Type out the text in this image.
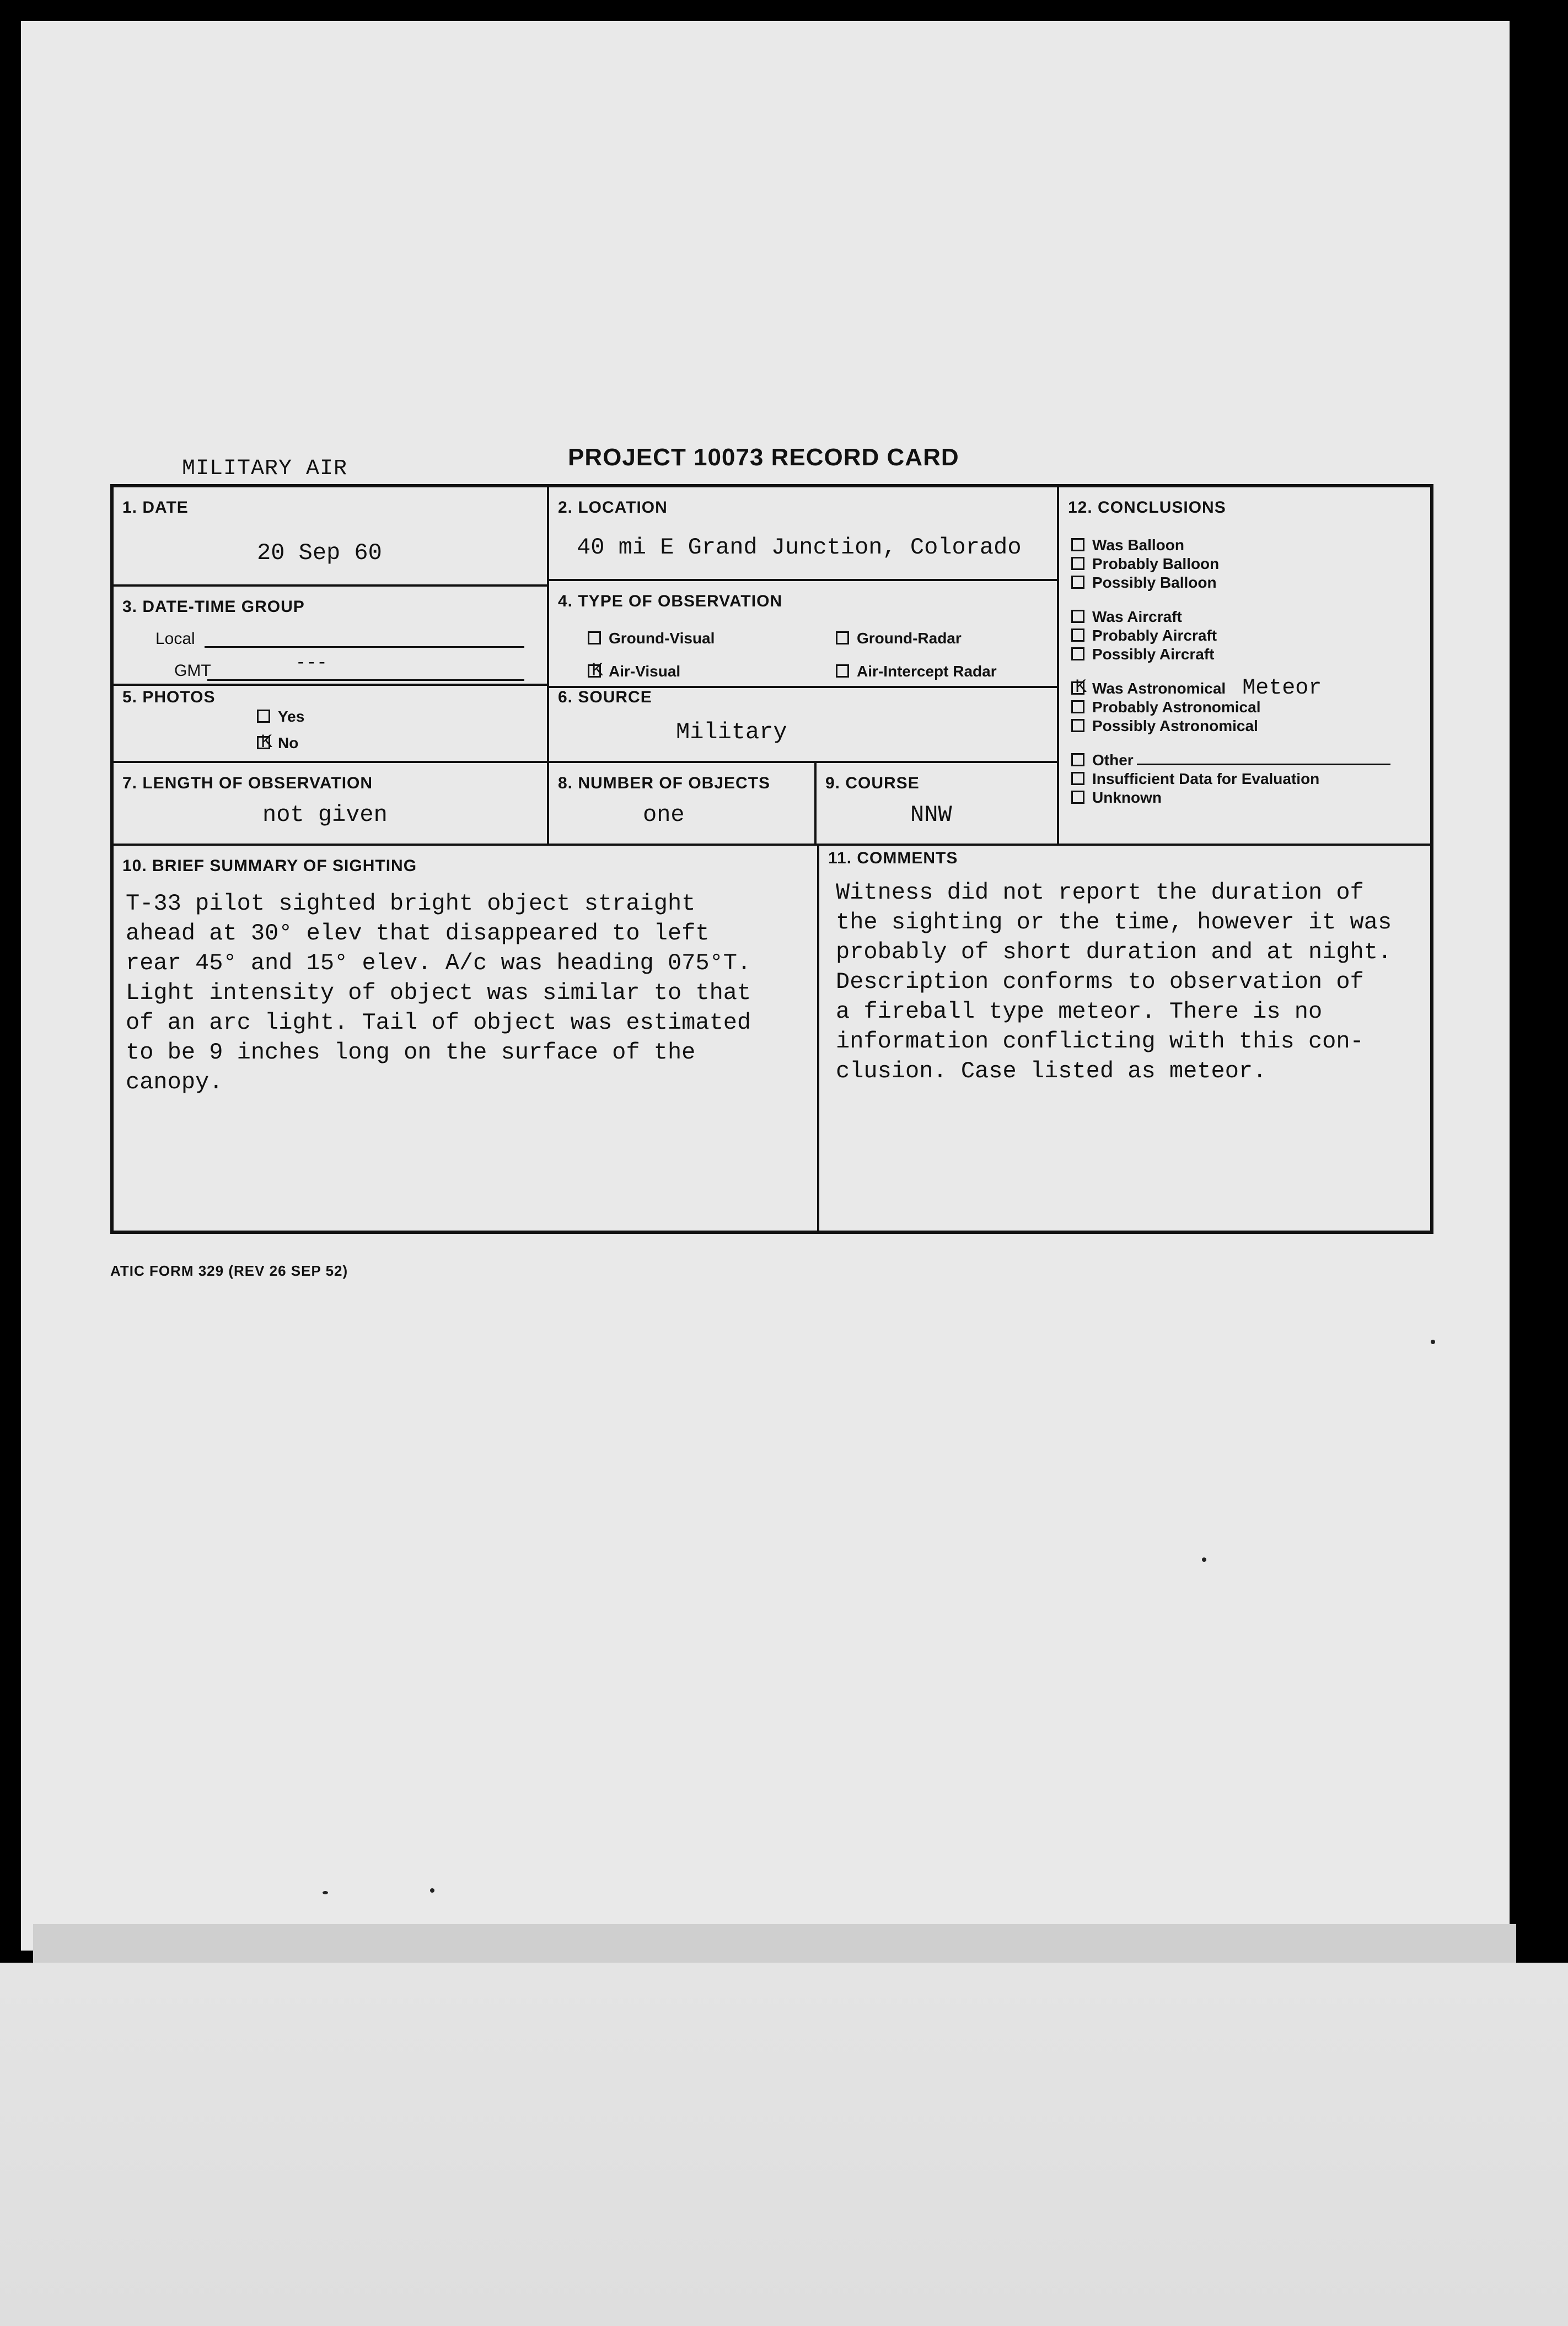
MILITARY AIR	PROJECT 10073 RECORD CARD
1. DATE
20 Sep 60
2. LOCATION
40 mi E Grand Junction, Colorado
3. DATE-TIME GROUP
Local
GMT	---
4. TYPE OF OBSERVATION
Ground-Visual	Ground-Radar
KAir-Visual	Air-Intercept Radar
5. PHOTOS
Yes
KNo
6. SOURCE
Military
7. LENGTH OF OBSERVATION
not given
8. NUMBER OF OBJECTS
one
9. COURSE
NNW
12. CONCLUSIONS
Was Balloon
Probably Balloon
Possibly Balloon
Was Aircraft
Probably Aircraft
Possibly Aircraft
KWas Astronomical Meteor
Probably Astronomical
Possibly Astronomical
Other
Insufficient Data for Evaluation
Unknown
10. BRIEF SUMMARY OF SIGHTING
T-33 pilot sighted bright object straight
ahead at 30° elev that disappeared to left
rear 45° and 15° elev. A/c was heading 075°T.
Light intensity of object was similar to that
of an arc light. Tail of object was estimated
to be 9 inches long on the surface of the
canopy.
11. COMMENTS
Witness did not report the duration of
the sighting or the time, however it was
probably of short duration and at night.
Description conforms to observation of
a fireball type meteor. There is no
information conflicting with this con-
clusion. Case listed as meteor.
ATIC FORM 329 (REV 26 SEP 52)
